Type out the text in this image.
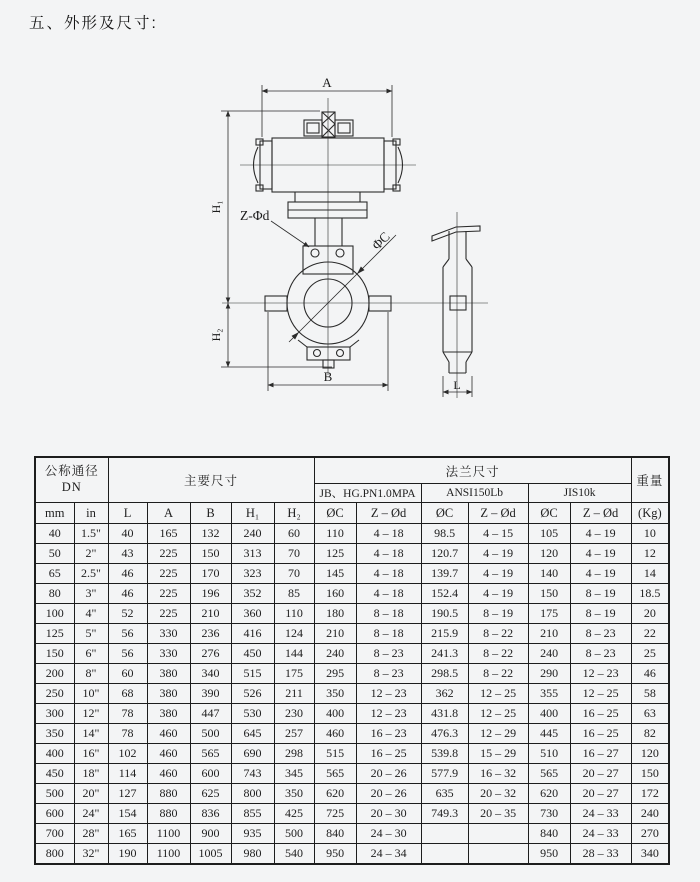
五、外形及尺寸:
A
H₁
H₂
B
L
Z-Φd
ΦC
公称通径
DN		主要尺寸					法兰尺寸						重量
							JB、HG.PN1.0MPA		ANSI150Lb		JIS10k		
mm	in	L	A	B	H₁	H₂	ØC	Z – Ød	ØC	Z – Ød	ØC	Z – Ød	(Kg)
40	1.5"	40	165	132	240	60	110	4 – 18	98.5	4 – 15	105	4 – 19	10
50	2"	43	225	150	313	70	125	4 – 18	120.7	4 – 19	120	4 – 19	12
65	2.5"	46	225	170	323	70	145	4 – 18	139.7	4 – 19	140	4 – 19	14
80	3"	46	225	196	352	85	160	4 – 18	152.4	4 – 19	150	8 – 19	18.5
100	4"	52	225	210	360	110	180	8 – 18	190.5	8 – 19	175	8 – 19	20
125	5"	56	330	236	416	124	210	8 – 18	215.9	8 – 22	210	8 – 23	22
150	6"	56	330	276	450	144	240	8 – 23	241.3	8 – 22	240	8 – 23	25
200	8"	60	380	340	515	175	295	8 – 23	298.5	8 – 22	290	12 – 23	46
250	10"	68	380	390	526	211	350	12 – 23	362	12 – 25	355	12 – 25	58
300	12"	78	380	447	530	230	400	12 – 23	431.8	12 – 25	400	16 – 25	63
350	14"	78	460	500	645	257	460	16 – 23	476.3	12 – 29	445	16 – 25	82
400	16"	102	460	565	690	298	515	16 – 25	539.8	15 – 29	510	16 – 27	120
450	18"	114	460	600	743	345	565	20 – 26	577.9	16 – 32	565	20 – 27	150
500	20"	127	880	625	800	350	620	20 – 26	635	20 – 32	620	20 – 27	172
600	24"	154	880	836	855	425	725	20 – 30	749.3	20 – 35	730	24 – 33	240
700	28"	165	1100	900	935	500	840	24 – 30			840	24 – 33	270
800	32"	190	1100	1005	980	540	950	24 – 34			950	28 – 33	340
